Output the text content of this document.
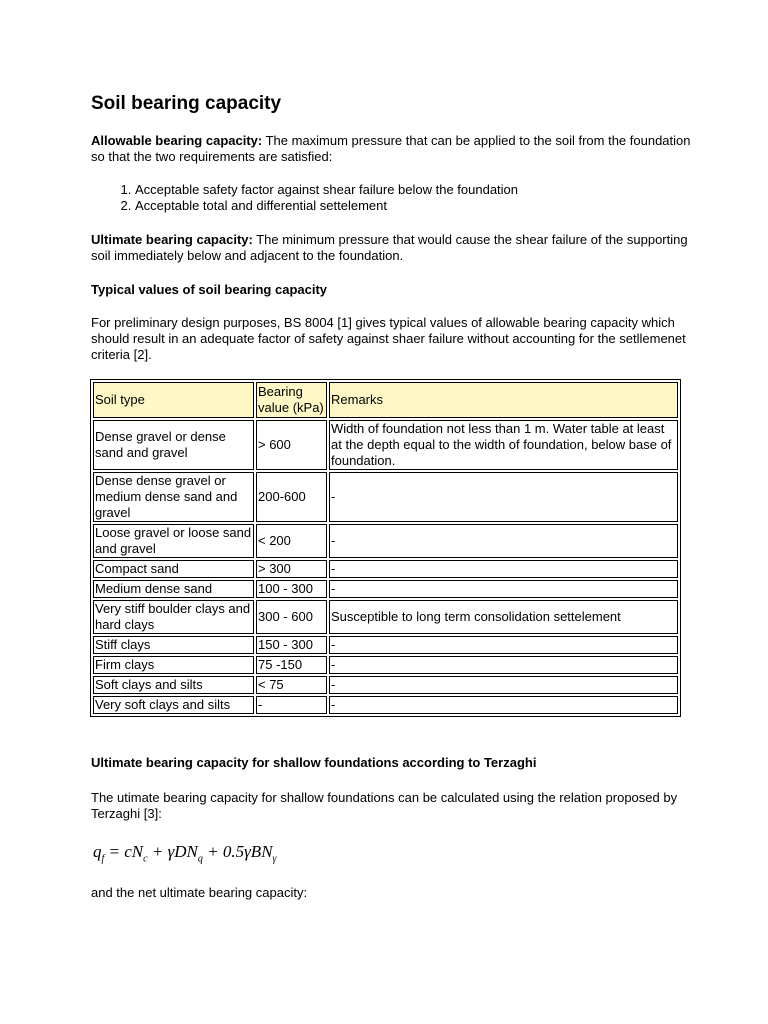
Soil bearing capacity

Allowable bearing capacity: The maximum pressure that can be applied to the soil from the foundation so that the two requirements are satisfied:

1. Acceptable safety factor against shear failure below the foundation
2. Acceptable total and differential settelement

Ultimate bearing capacity: The minimum pressure that would cause the shear failure of the supporting soil immediately below and adjacent to the foundation.

Typical values of soil bearing capacity

For preliminary design purposes, BS 8004 [1] gives typical values of allowable bearing capacity which should result in an adequate factor of safety against shaer failure without accounting for the setllemenet criteria [2].

Soil type	Bearing value (kPa)	Remarks
Dense gravel or dense sand and gravel	> 600	Width of foundation not less than 1 m. Water table at least at the depth equal to the width of foundation, below base of foundation.
Dense dense gravel or medium dense sand and gravel	200-600	-
Loose gravel or loose sand and gravel	< 200	-
Compact sand	> 300	-
Medium dense sand	100 - 300	-
Very stiff boulder clays and hard clays	300 - 600	Susceptible to long term consolidation settelement
Stiff clays	150 - 300	-
Firm clays	75 -150	-
Soft clays and silts	< 75	-
Very soft clays and silts	-	-

Ultimate bearing capacity for shallow foundations according to Terzaghi

The utimate bearing capacity for shallow foundations can be calculated using the relation proposed by Terzaghi [3]:

$q_f = cN_c + \gamma DN_q + 0.5\gamma BN_\gamma$

and the net ultimate bearing capacity:
